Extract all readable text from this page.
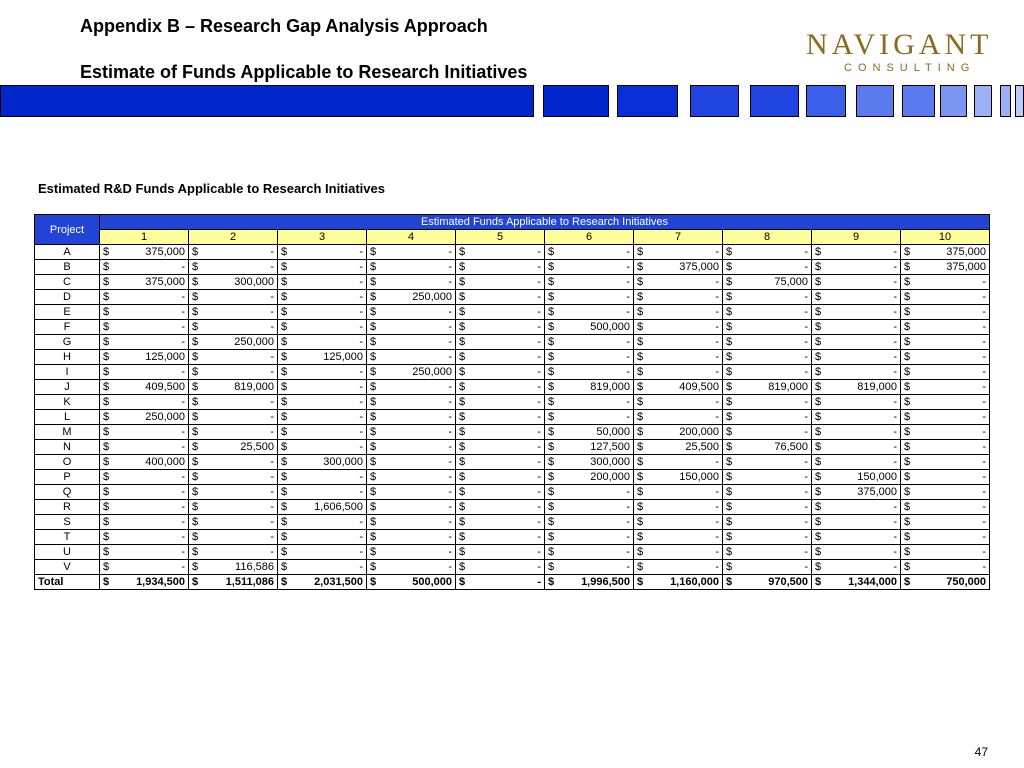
Appendix B – Research Gap Analysis Approach
Estimate of Funds Applicable to Research Initiatives
NAVIGANT
CONSULTING
Estimated R&D Funds Applicable to Research Initiatives
Project	Estimated Funds Applicable to Research Initiatives									
	1	2	3	4	5	6	7	8	9	10
A	$ 375,000	$ -	$ -	$ -	$ -	$ -	$ -	$ -	$ -	$ 375,000

B	$ -	$ -	$ -	$ -	$ -	$ -	$ 375,000	$ -	$ -	$ 375,000

C	$ 375,000	$ 300,000	$ -	$ -	$ -	$ -	$ -	$ 75,000	$ -	$ -

D	$ -	$ -	$ -	$ 250,000	$ -	$ -	$ -	$ -	$ -	$ -

E	$ -	$ -	$ -	$ -	$ -	$ -	$ -	$ -	$ -	$ -

F	$ -	$ -	$ -	$ -	$ -	$ 500,000	$ -	$ -	$ -	$ -

G	$ -	$ 250,000	$ -	$ -	$ -	$ -	$ -	$ -	$ -	$ -

H	$ 125,000	$ -	$ 125,000	$ -	$ -	$ -	$ -	$ -	$ -	$ -

I	$ -	$ -	$ -	$ 250,000	$ -	$ -	$ -	$ -	$ -	$ -

J	$ 409,500	$ 819,000	$ -	$ -	$ -	$ 819,000	$ 409,500	$ 819,000	$ 819,000	$ -

K	$ -	$ -	$ -	$ -	$ -	$ -	$ -	$ -	$ -	$ -

L	$ 250,000	$ -	$ -	$ -	$ -	$ -	$ -	$ -	$ -	$ -

M	$ -	$ -	$ -	$ -	$ -	$ 50,000	$ 200,000	$ -	$ -	$ -

N	$ -	$ 25,500	$ -	$ -	$ -	$ 127,500	$ 25,500	$ 76,500	$ -	$ -

O	$ 400,000	$ -	$ 300,000	$ -	$ -	$ 300,000	$ -	$ -	$ -	$ -

P	$ -	$ -	$ -	$ -	$ -	$ 200,000	$ 150,000	$ -	$ 150,000	$ -

Q	$ -	$ -	$ -	$ -	$ -	$ -	$ -	$ -	$ 375,000	$ -

R	$ -	$ -	$ 1,606,500	$ -	$ -	$ -	$ -	$ -	$ -	$ -

S	$ -	$ -	$ -	$ -	$ -	$ -	$ -	$ -	$ -	$ -

T	$ -	$ -	$ -	$ -	$ -	$ -	$ -	$ -	$ -	$ -

U	$ -	$ -	$ -	$ -	$ -	$ -	$ -	$ -	$ -	$ -

V	$ -	$ 116,586	$ -	$ -	$ -	$ -	$ -	$ -	$ -	$ -

Total	$ 1,934,500	$ 1,511,086	$ 2,031,500	$ 500,000	$ -	$ 1,996,500	$ 1,160,000	$ 970,500	$ 1,344,000	$ 750,000
47
